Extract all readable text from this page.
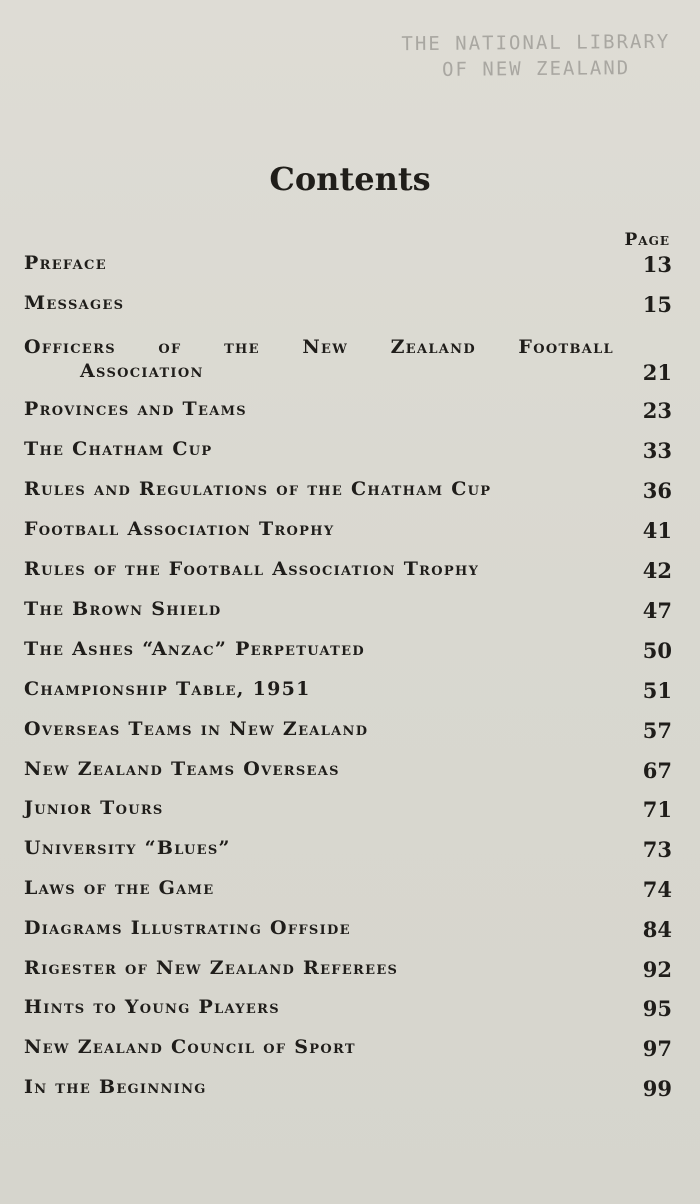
THE NATIONAL LIBRARY
OF NEW ZEALAND
Contents
Page
Preface	13
Messages	15
Officers of the New Zealand Football
Association	21
Provinces and Teams	23
The Chatham Cup	33
Rules and Regulations of the Chatham Cup	36
Football Association Trophy	41
Rules of the Football Association Trophy	42
The Brown Shield	47
The Ashes “Anzac” Perpetuated	50
Championship Table, 1951	51
Overseas Teams in New Zealand	57
New Zealand Teams Overseas	67
Junior Tours	71
University “Blues”	73
Laws of the Game	74
Diagrams Illustrating Offside	84
Rigester of New Zealand Referees	92
Hints to Young Players	95
New Zealand Council of Sport	97
In the Beginning	99
